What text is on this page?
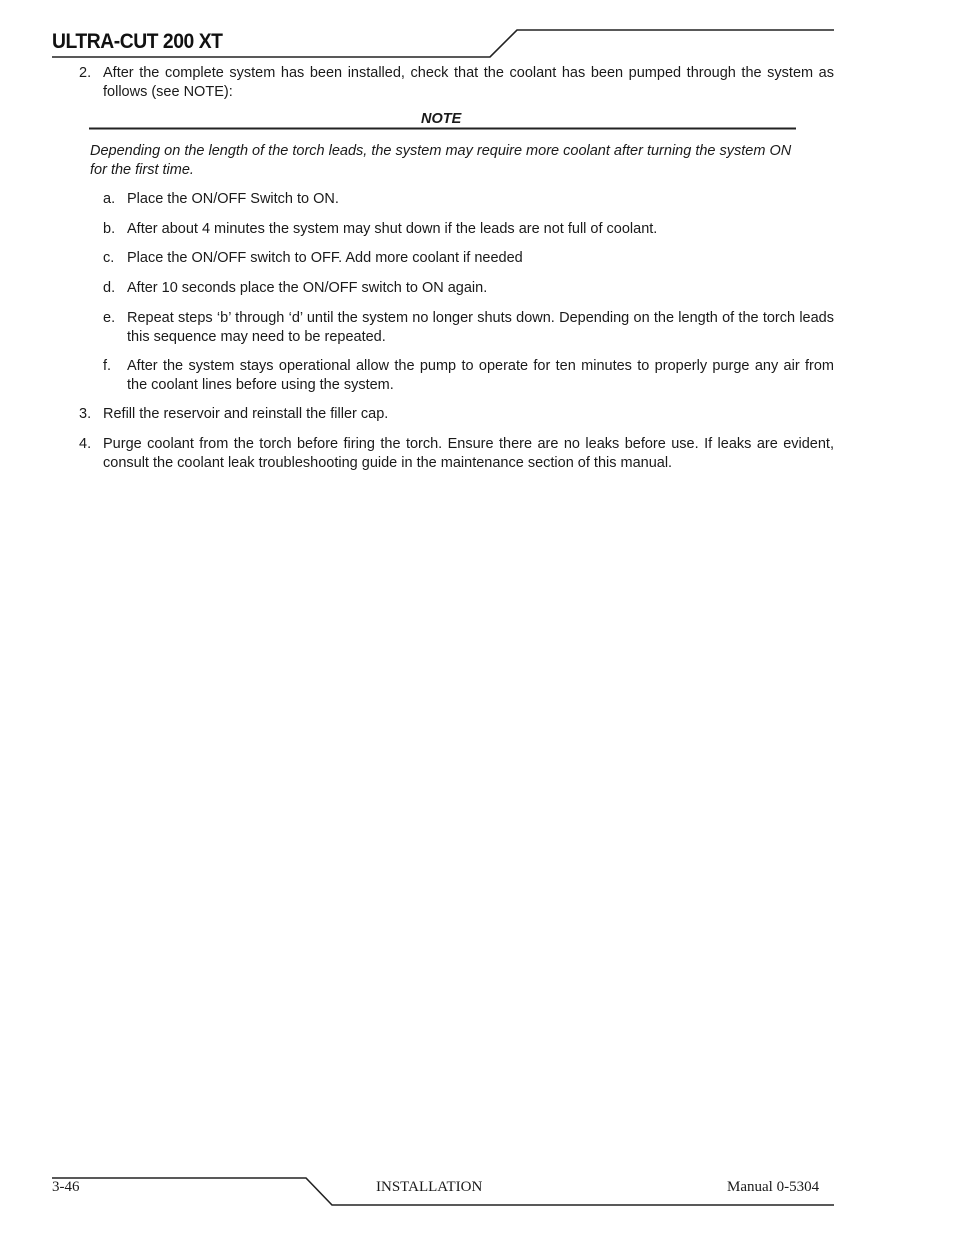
ULTRA-CUT 200 XT
2. After the complete system has been installed, check that the coolant has been pumped through the system as follows (see NOTE):
NOTE
Depending on the length of the torch leads, the system may require more coolant after turning the system ON for the first time.
a. Place the ON/OFF Switch to ON.
b. After about 4 minutes the system may shut down if the leads are not full of coolant.
c. Place the ON/OFF switch to OFF. Add more coolant if needed
d. After 10 seconds place the ON/OFF switch to ON again.
e. Repeat steps ‘b’ through ‘d’ until the system no longer shuts down. Depending on the length of the torch leads this sequence may need to be repeated.
f. After the system stays operational allow the pump to operate for ten minutes to properly purge any air from the coolant lines before using the system.
3. Refill the reservoir and reinstall the filler cap.
4. Purge coolant from the torch before firing the torch. Ensure there are no leaks before use. If leaks are evident, consult the coolant leak troubleshooting guide in the maintenance section of this manual.
3-46	INSTALLATION	Manual 0-5304
